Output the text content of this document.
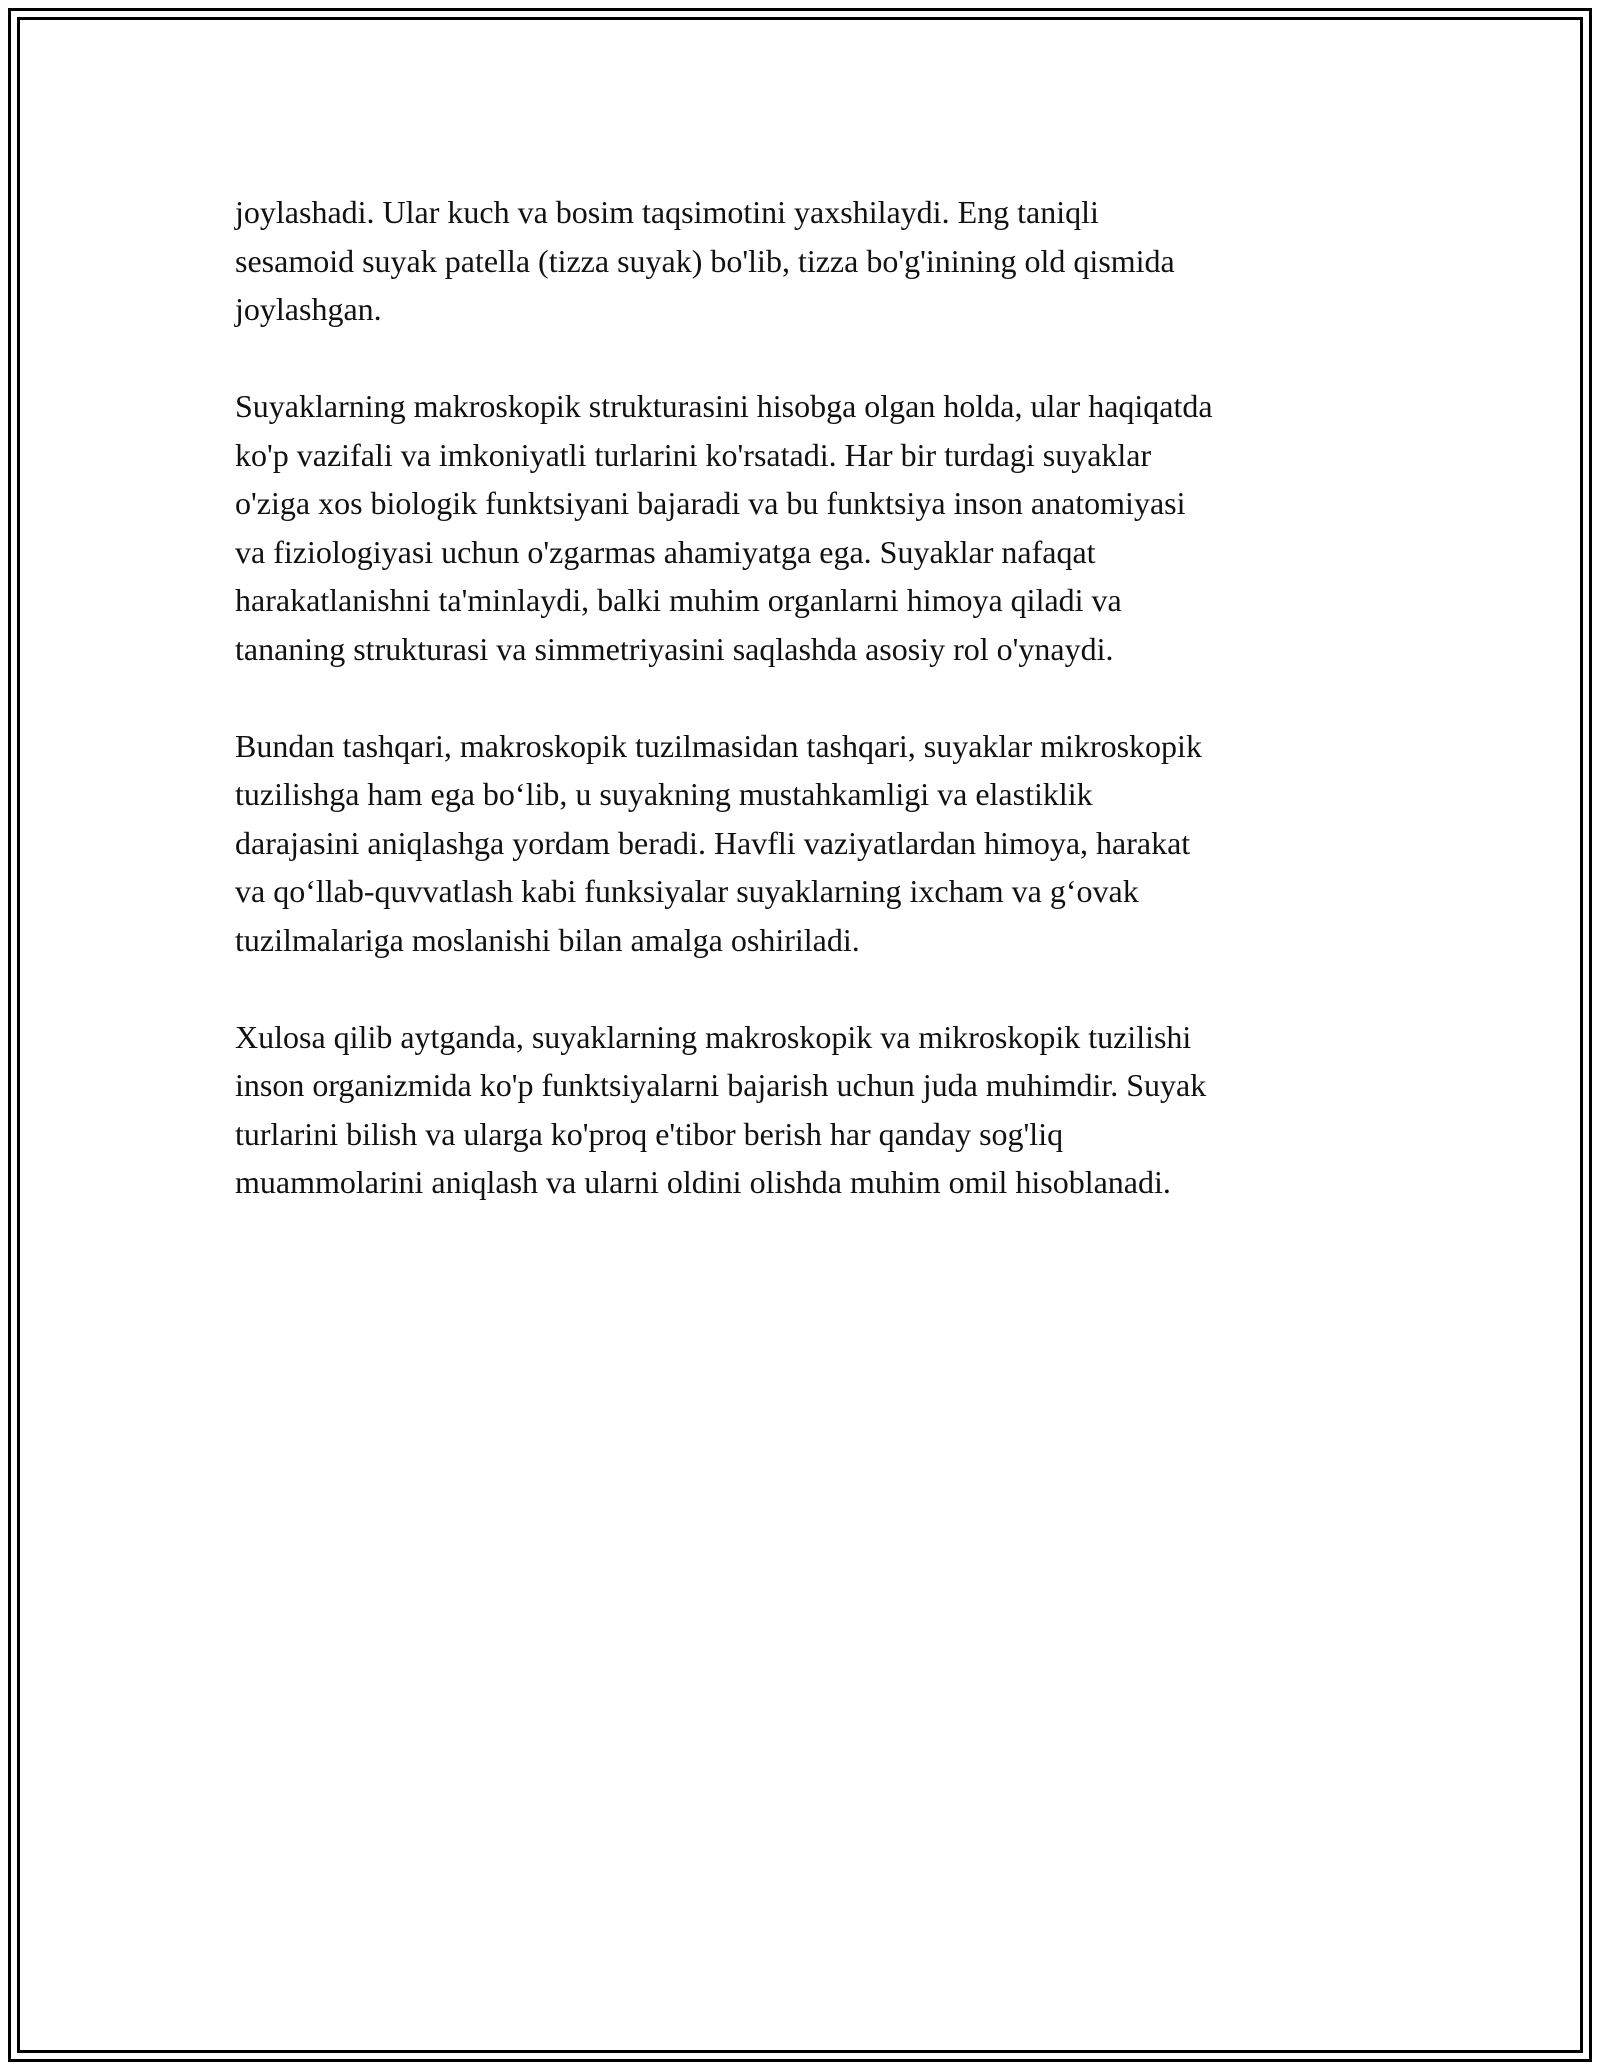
joylashadi. Ular kuch va bosim taqsimotini yaxshilaydi. Eng taniqli
sesamoid suyak patella (tizza suyak) bo'lib, tizza bo'g'inining old qismida
joylashgan.

Suyaklarning makroskopik strukturasini hisobga olgan holda, ular haqiqatda
ko'p vazifali va imkoniyatli turlarini ko'rsatadi. Har bir turdagi suyaklar
o'ziga xos biologik funktsiyani bajaradi va bu funktsiya inson anatomiyasi
va fiziologiyasi uchun o'zgarmas ahamiyatga ega. Suyaklar nafaqat
harakatlanishni ta'minlaydi, balki muhim organlarni himoya qiladi va
tananing strukturasi va simmetriyasini saqlashda asosiy rol o'ynaydi.

Bundan tashqari, makroskopik tuzilmasidan tashqari, suyaklar mikroskopik
tuzilishga ham ega bo‘lib, u suyakning mustahkamligi va elastiklik
darajasini aniqlashga yordam beradi. Havfli vaziyatlardan himoya, harakat
va qo‘llab-quvvatlash kabi funksiyalar suyaklarning ixcham va g‘ovak
tuzilmalariga moslanishi bilan amalga oshiriladi.

Xulosa qilib aytganda, suyaklarning makroskopik va mikroskopik tuzilishi
inson organizmida ko'p funktsiyalarni bajarish uchun juda muhimdir. Suyak
turlarini bilish va ularga ko'proq e'tibor berish har qanday sog'liq
muammolarini aniqlash va ularni oldini olishda muhim omil hisoblanadi.
